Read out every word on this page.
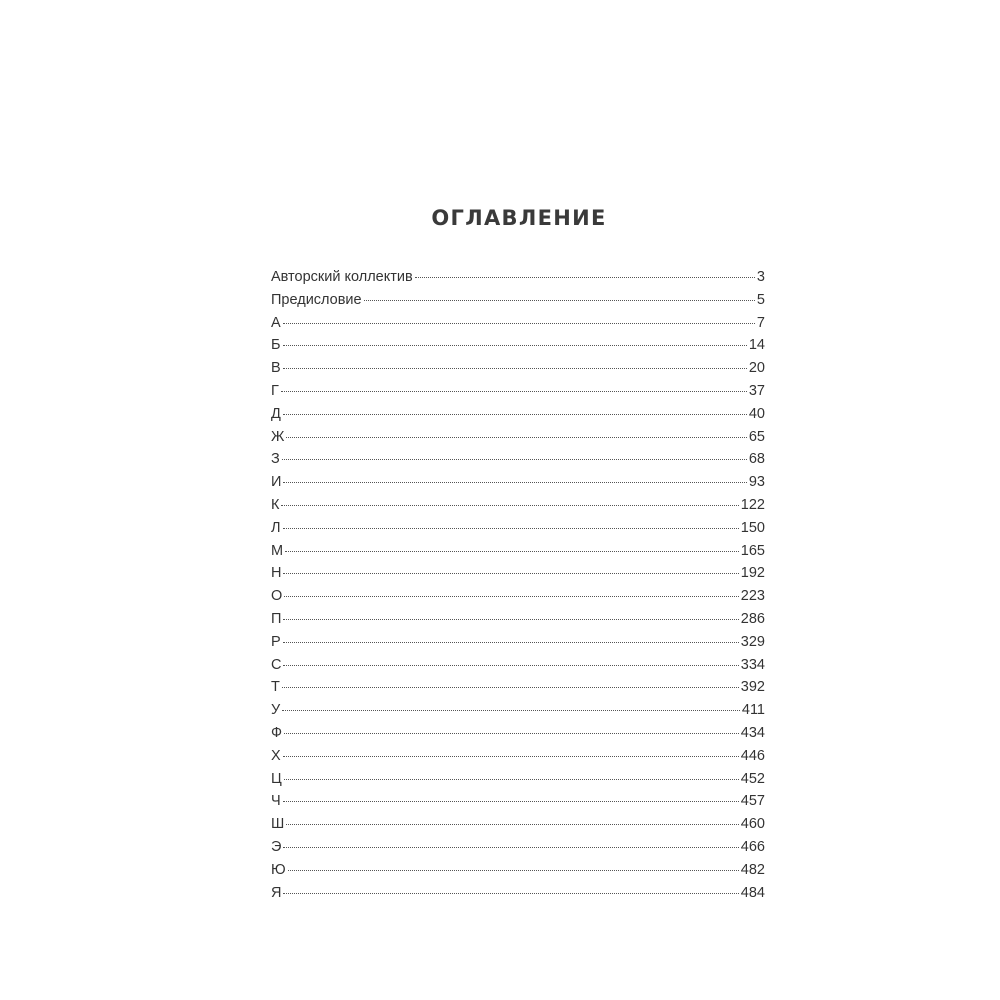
ОГЛАВЛЕНИЕ
Авторский коллектив	3
Предисловие	5
А	7
Б	14
В	20
Г	37
Д	40
Ж	65
З	68
И	93
К	122
Л	150
М	165
Н	192
О	223
П	286
Р	329
С	334
Т	392
У	411
Ф	434
Х	446
Ц	452
Ч	457
Ш	460
Э	466
Ю	482
Я	484
